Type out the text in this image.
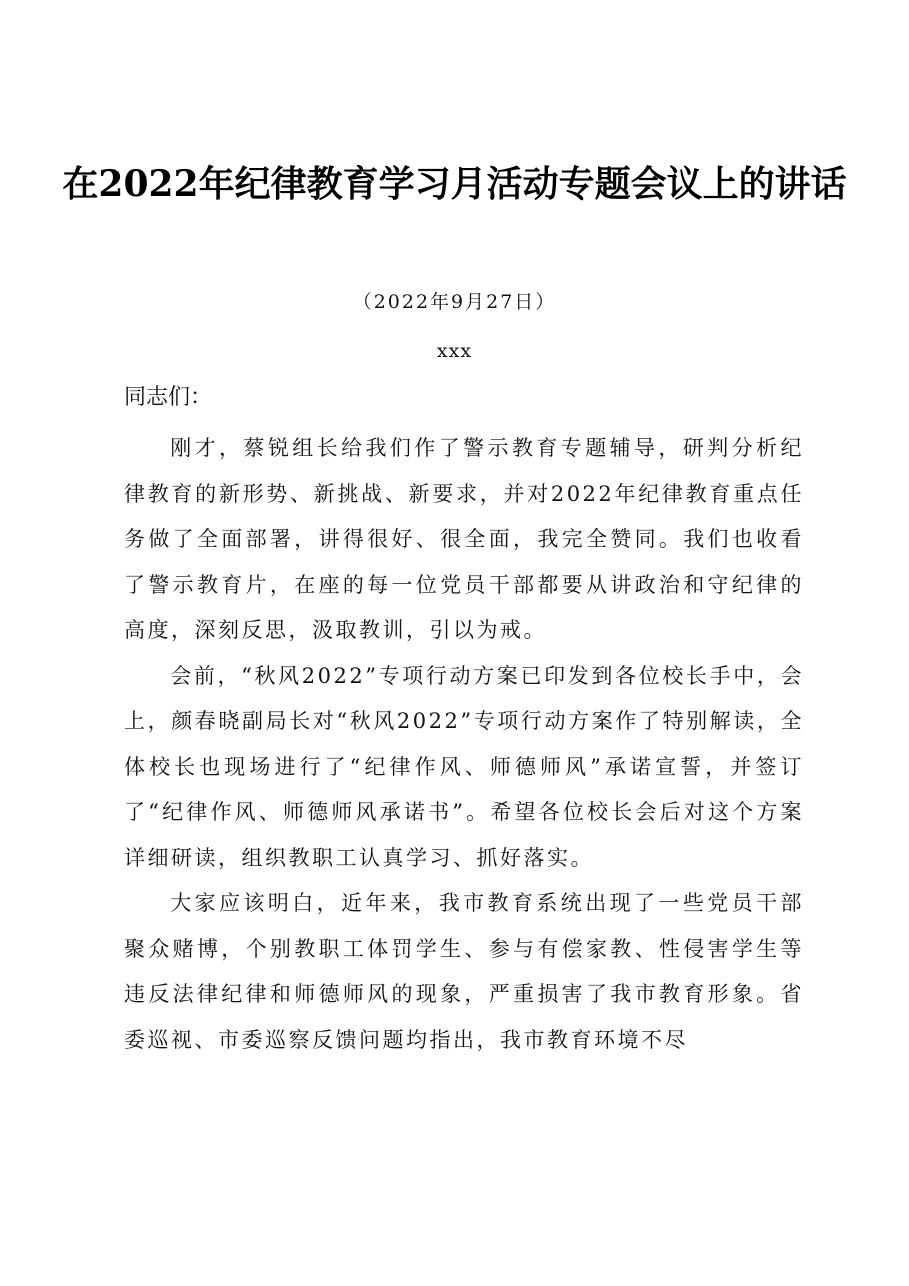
在2022年纪律教育学习月活动专题会议上的讲话
（2022年9月27日）
xxx
同志们：

刚才，蔡锐组长给我们作了警示教育专题辅导，研判分析纪律教育的新形势、新挑战、新要求，并对2022年纪律教育重点任务做了全面部署，讲得很好、很全面，我完全赞同。我们也收看了警示教育片，在座的每一位党员干部都要从讲政治和守纪律的高度，深刻反思，汲取教训，引以为戒。

会前，“秋风2022”专项行动方案已印发到各位校长手中，会上，颜春晓副局长对“秋风2022”专项行动方案作了特别解读，全体校长也现场进行了“纪律作风、师德师风”承诺宣誓，并签订了“纪律作风、师德师风承诺书”。希望各位校长会后对这个方案详细研读，组织教职工认真学习、抓好落实。

大家应该明白，近年来，我市教育系统出现了一些党员干部聚众赌博，个别教职工体罚学生、参与有偿家教、性侵害学生等违反法律纪律和师德师风的现象，严重损害了我市教育形象。省委巡视、市委巡察反馈问题均指出，我市教育环境不尽
